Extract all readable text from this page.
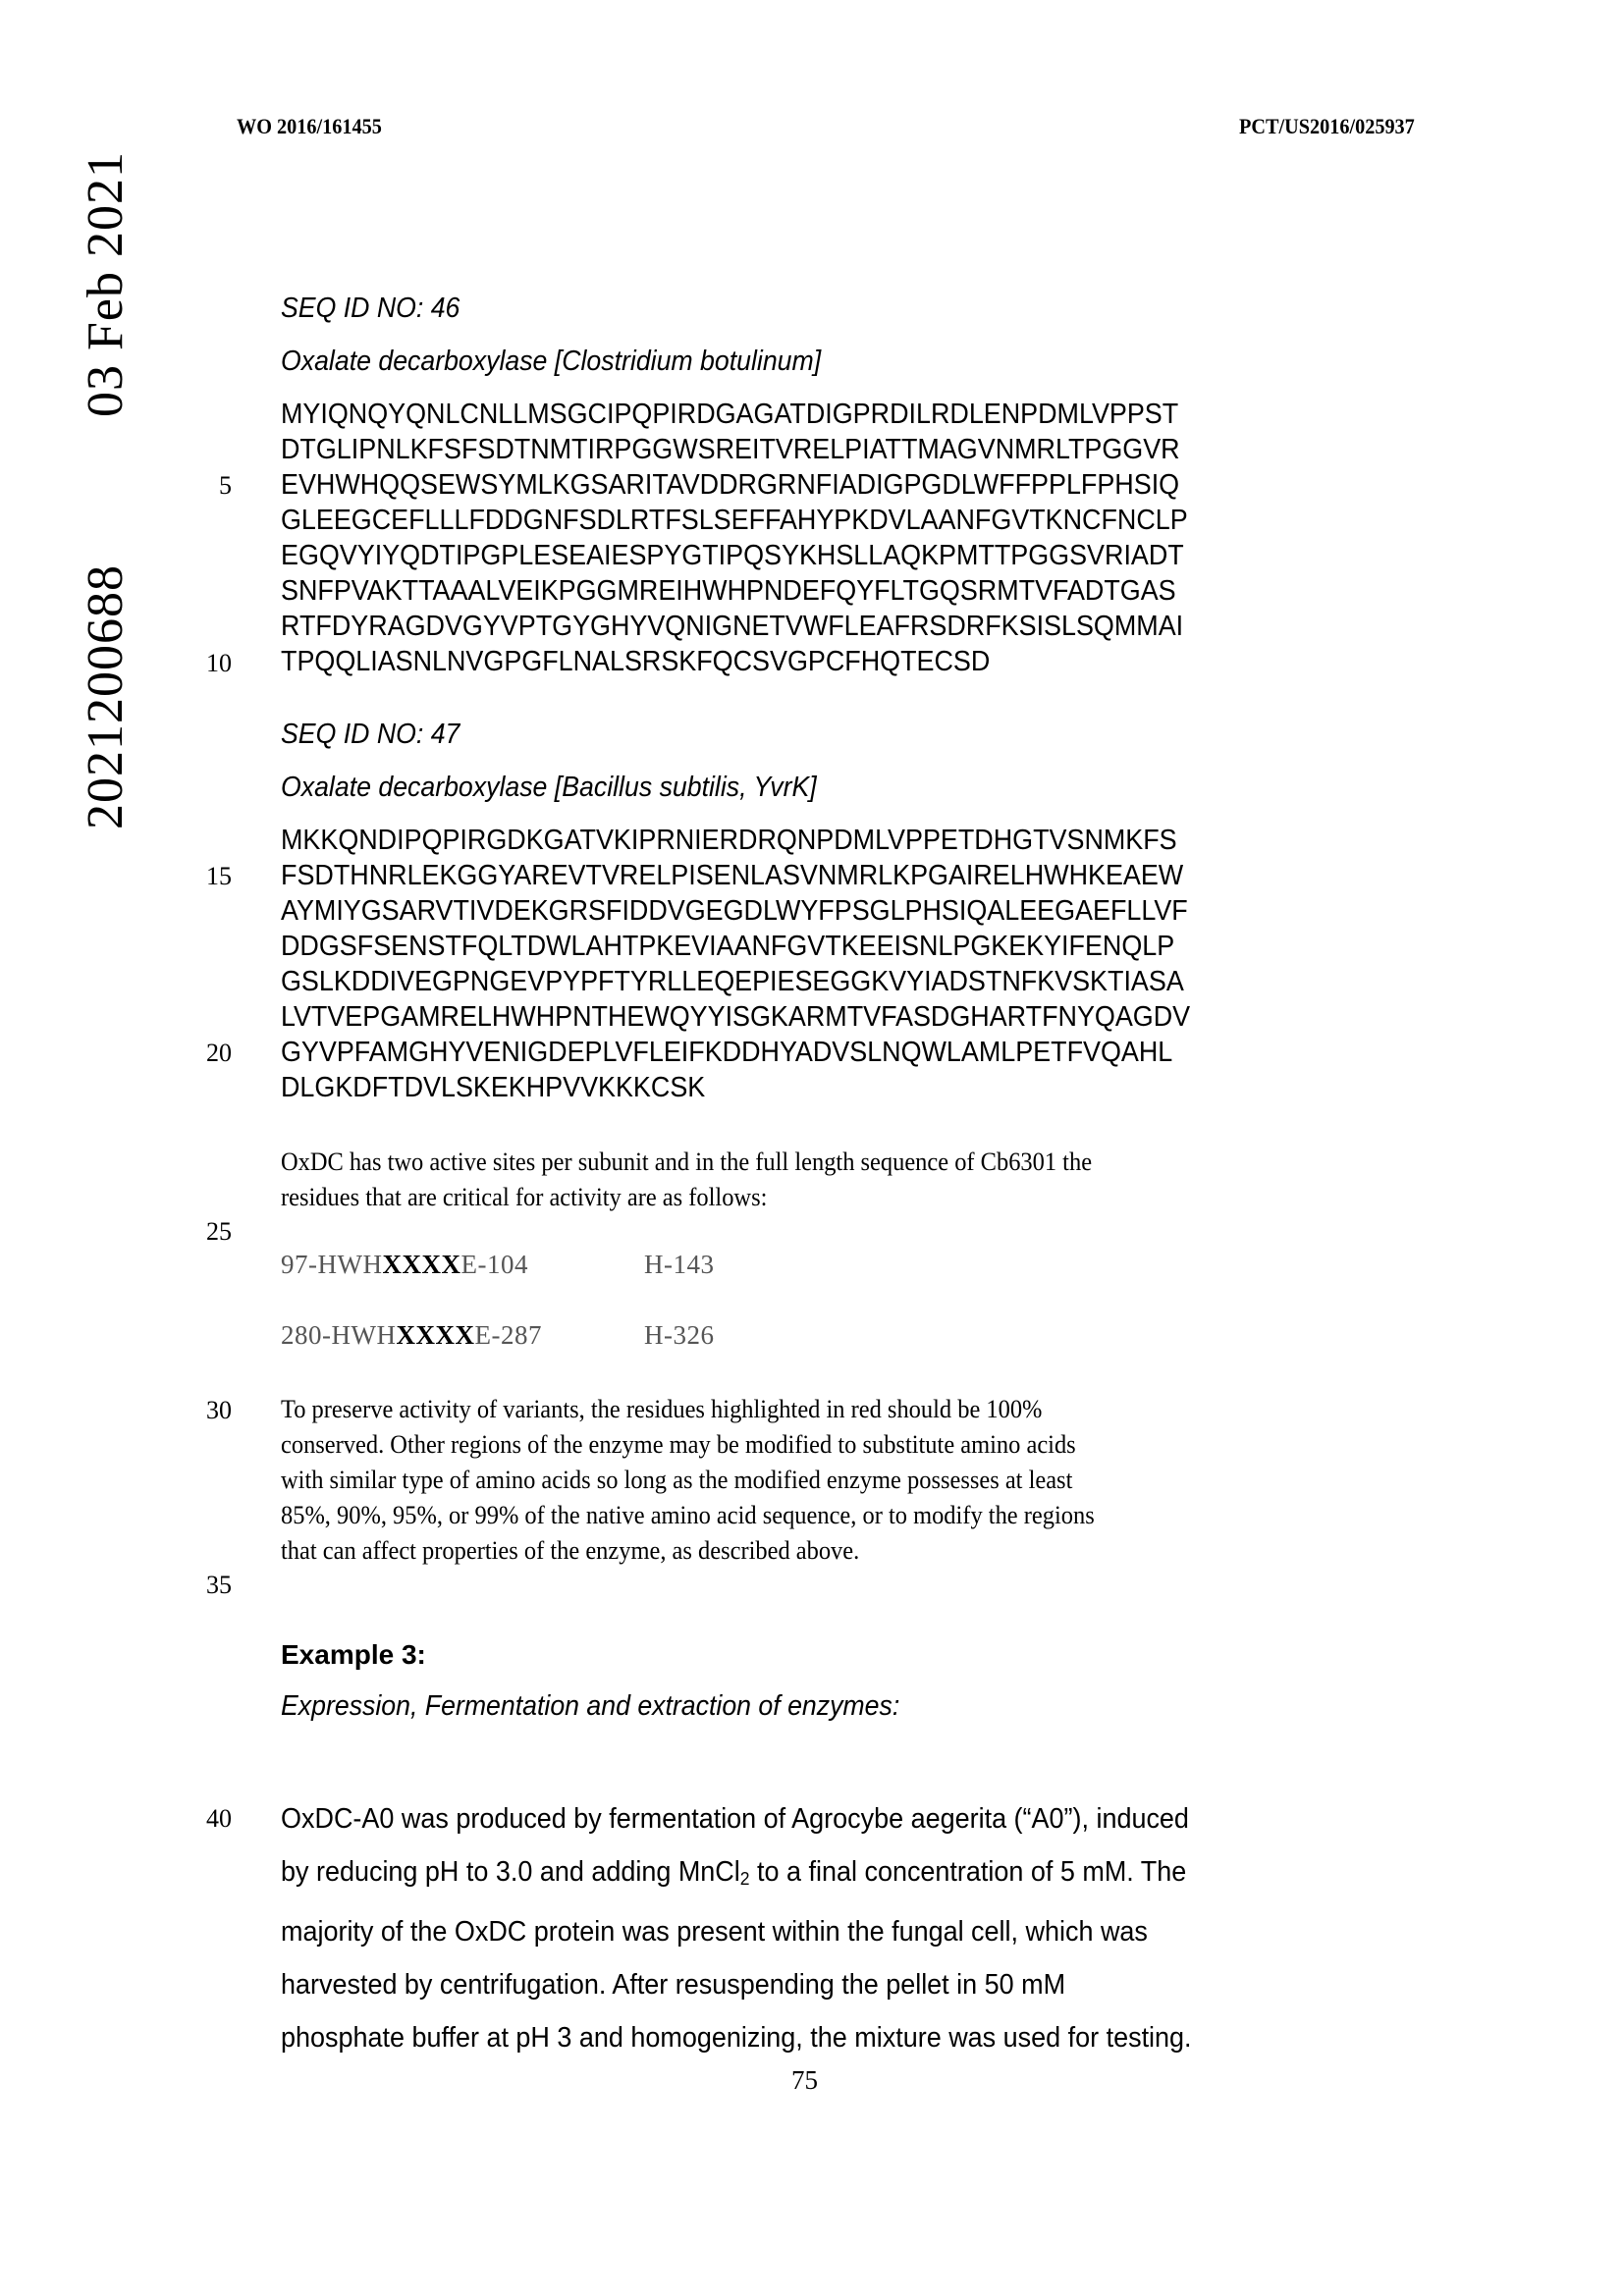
WO 2016/161455	PCT/US2016/025937
03 Feb 2021
2021200688
5
10
15
20
25
30
35
40
SEQ ID NO: 46
Oxalate decarboxylase [Clostridium botulinum]
MYIQNQYQNLCNLLMSGCIPQPIRDGAGATDIGPRDILRDLENPDMLVPPST
DTGLIPNLKFSFSDTNMTIRPGGWSREITVRELPIATTMAGVNMRLTPGGVR
EVHWHQQSEWSYMLKGSARITAVDDRGRNFIADIGPGDLWFFPPLFPHSIQ
GLEEGCEFLLLFDDGNFSDLRTFSLSEFFAHYPKDVLAANFGVTKNCFNCLP
EGQVYIYQDTIPGPLESEAIESPYGTIPQSYKHSLLAQKPMTTPGGSVRIADT
SNFPVAKTTAAALVEIKPGGMREIHWHPNDEFQYFLTGQSRMTVFADTGAS
RTFDYRAGDVGYVPTGYGHYVQNIGNETVWFLEAFRSDRFKSISLSQMMAI
TPQQLIASNLNVGPGFLNALSRSKFQCSVGPCFHQTECSD
SEQ ID NO: 47
Oxalate decarboxylase [Bacillus subtilis, YvrK]
MKKQNDIPQPIRGDKGATVKIPRNIERDRQNPDMLVPPETDHGTVSNMKFS
FSDTHNRLEKGGYAREVTVRELPISENLASVNMRLKPGAIRELHWHKEAEW
AYMIYGSARVTIVDEKGRSFIDDVGEGDLWYFPSGLPHSIQALEEGAEFLLVF
DDGSFSENSTFQLTDWLAHTPKEVIAANFGVTKEEISNLPGKEKYIFENQLP
GSLKDDIVEGPNGEVPYPFTYRLLEQEPIESEGGKVYIADSTNFKVSKTIASA
LVTVEPGAMRELHWHPNTHEWQYYISGKARMTVFASDGHARTFNYQAGDV
GYVPFAMGHYVENIGDEPLVFLEIFKDDHYADVSLNQWLAMLPETFVQAHL
DLGKDFTDVLSKEKHPVVKKKCSK
OxDC has two active sites per subunit and in the full length sequence of Cb6301 the
residues that are critical for activity are as follows:
97-HWHXXXXE-104	H-143
280-HWHXXXXE-287	H-326
To preserve activity of variants, the residues highlighted in red should be 100%
conserved. Other regions of the enzyme may be modified to substitute amino acids
with similar type of amino acids so long as the modified enzyme possesses at least
85%, 90%, 95%, or 99% of the native amino acid sequence, or to modify the regions
that can affect properties of the enzyme, as described above.
Example 3:
Expression, Fermentation and extraction of enzymes:
OxDC-A0 was produced by fermentation of Agrocybe aegerita (“A0”), induced
by reducing pH to 3.0 and adding MnCl$_2$ to a final concentration of 5 mM. The
majority of the OxDC protein was present within the fungal cell, which was
harvested by centrifugation. After resuspending the pellet in 50 mM
phosphate buffer at pH 3 and homogenizing, the mixture was used for testing.
75
